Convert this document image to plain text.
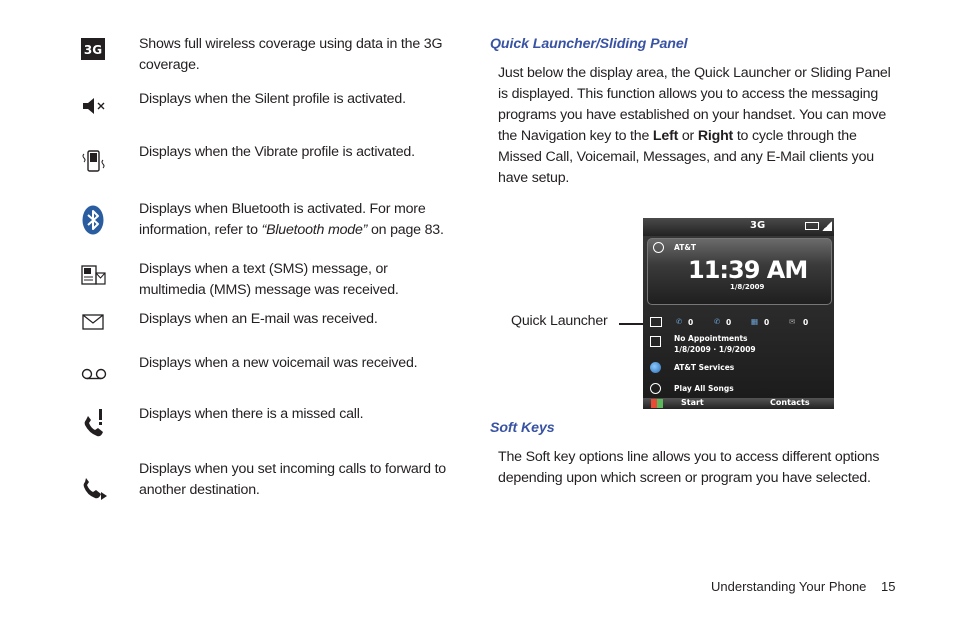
3G	Shows full wireless coverage using data in the 3G coverage.
Displays when the Silent profile is activated.
Displays when the Vibrate profile is activated.
Displays when Bluetooth is activated. For more information, refer to “Bluetooth mode” on page 83.
Displays when a text (SMS) message, or multimedia (MMS) message was received.
Displays when an E-mail was received.
Displays when a new voicemail was received.
Displays when there is a missed call.
Displays when you set incoming calls to forward to another destination.
Quick Launcher/Sliding Panel
Just below the display area, the Quick Launcher or Sliding Panel is displayed. This function allows you to access the messaging programs you have established on your handset. You can move the Navigation key to the Left or Right to cycle through the Missed Call, Voicemail, Messages, and any E-Mail clients you have setup.
Quick Launcher
3G
AT&T
11:39 AM
1/8/2009
✆ 0	✆ 0	▦ 0	✉ 0
No Appointments
1/8/2009 · 1/9/2009
AT&T Services
Play All Songs
Start	Contacts
Soft Keys
The Soft key options line allows you to access different options depending upon which screen or program you have selected.
Understanding Your Phone 15
